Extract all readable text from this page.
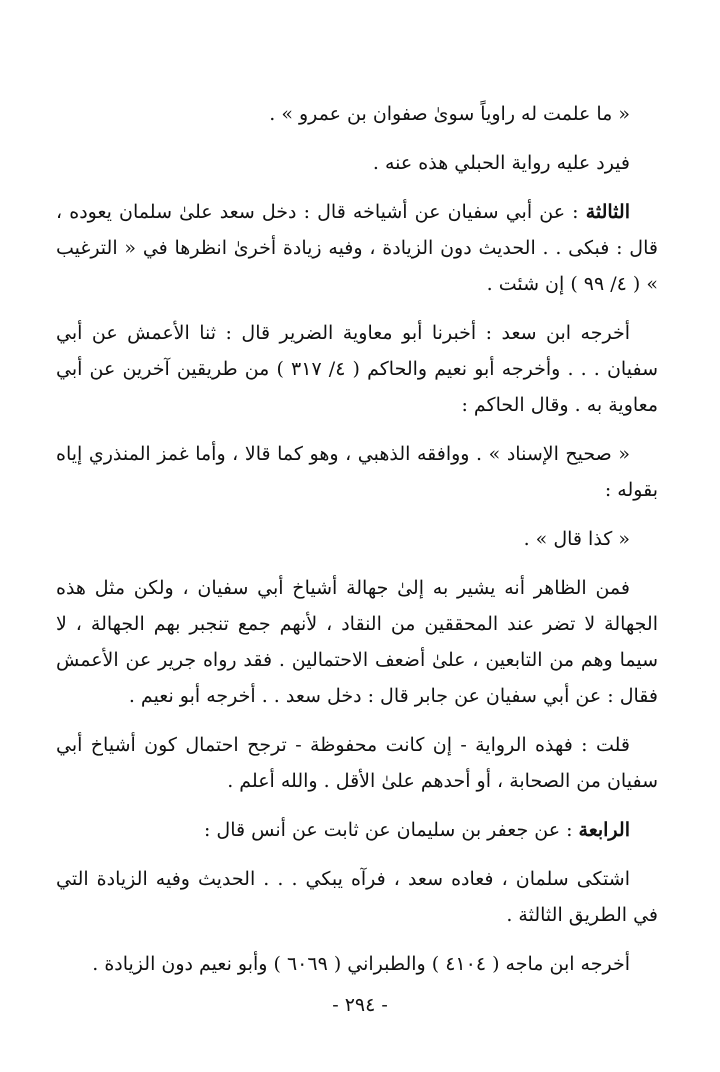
« ما علمت له راوياً سوىٰ صفوان بن عمرو » .

فيرد عليه رواية الحبلي هذه عنه .

الثالثة : عن أبي سفيان عن أشياخه قال : دخل سعد علىٰ سلمان يعوده ، قال : فبكى . . الحديث دون الزيادة ، وفيه زيادة أخرىٰ انظرها في « الترغيب » ( ٤/ ٩٩ ) إن شئت .

أخرجه ابن سعد : أخبرنا أبو معاوية الضرير قال : ثنا الأعمش عن أبي سفيان . . . وأخرجه أبو نعيم والحاكم ( ٤/ ٣١٧ ) من طريقين آخرين عن أبي معاوية به . وقال الحاكم :

« صحيح الإسناد » . ووافقه الذهبي ، وهو كما قالا ، وأما غمز المنذري إياه بقوله :

« كذا قال » .

فمن الظاهر أنه يشير به إلىٰ جهالة أشياخ أبي سفيان ، ولكن مثل هذه الجهالة لا تضر عند المحققين من النقاد ، لأنهم جمع تنجبر بهم الجهالة ، لا سيما وهم من التابعين ، علىٰ أضعف الاحتمالين . فقد رواه جرير عن الأعمش فقال : عن أبي سفيان عن جابر قال : دخل سعد . . أخرجه أبو نعيم .

قلت : فهذه الرواية - إن كانت محفوظة - ترجح احتمال كون أشياخ أبي سفيان من الصحابة ، أو أحدهم علىٰ الأقل . والله أعلم .

الرابعة : عن جعفر بن سليمان عن ثابت عن أنس قال :

اشتكى سلمان ، فعاده سعد ، فرآه يبكي . . . الحديث وفيه الزيادة التي في الطريق الثالثة .

أخرجه ابن ماجه ( ٤١٠٤ ) والطبراني ( ٦٠٦٩ ) وأبو نعيم دون الزيادة .

- ٢٩٤ -
